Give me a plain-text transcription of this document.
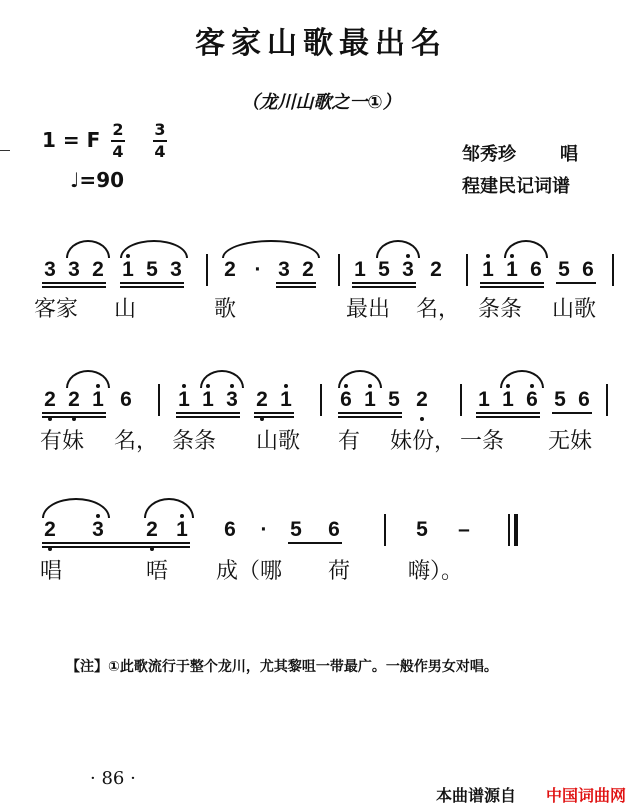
客家山歌最出名
（龙川山歌之一①）
1 = F 2
4
3
4
♩=90
邹秀珍 唱
程建民记词谱
3 3 2 1 5 3 2 · 3 2 1 5 3 2 1 1 6 5 6
客家 山	歌	最出 名， 条条 山歌
2 2 1 6 1 1 3 2 1 6 1 5 2 1 1 6 5 6
有妹 名， 条条 山歌 有 妹份， 一条 无妹
2 3 2 1 6 · 5 6	5 –
唱	唔 成（哪 荷	嗨）。
【注】①此歌流行于整个龙川，尤其黎咀一带最广。一般作男女对唱。
· 86 ·
本曲谱源自 中国词曲网
